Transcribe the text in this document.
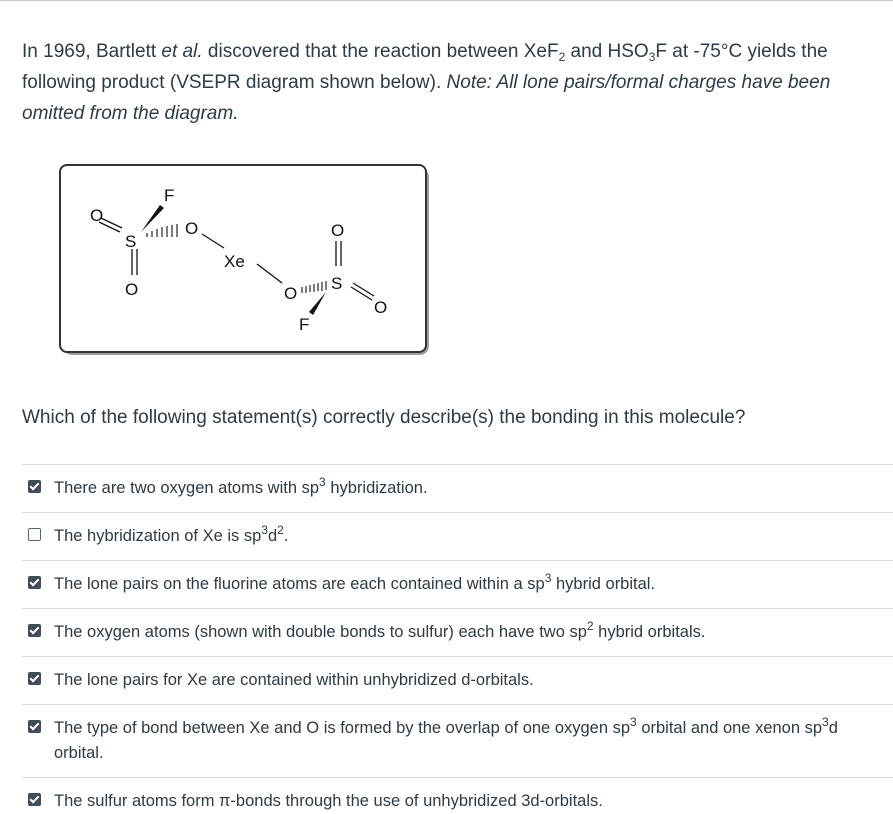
In 1969, Bartlett et al. discovered that the reaction between XeF$_2$ and $HSO_3F$ at -75°C yields the following product (VSEPR diagram shown below). Note: All lone pairs/formal charges have been omitted from the diagram.
O
S
O
F
O
Xe
O
F
S
O
O
Which of the following statement(s) correctly describe(s) the bonding in this molecule?
There are two oxygen atoms with $sp^3$ hybridization.
The hybridization of Xe is $sp^3d^2$.
The lone pairs on the fluorine atoms are each contained within a $sp^3$ hybrid orbital.
The oxygen atoms (shown with double bonds to sulfur) each have two $sp^2$ hybrid orbitals.
The lone pairs for Xe are contained within unhybridized d-orbitals.
The type of bond between Xe and O is formed by the overlap of one oxygen $sp^3$ orbital and one xenon $sp^3d$ orbital.
The sulfur atoms form π-bonds through the use of unhybridized 3d-orbitals.
